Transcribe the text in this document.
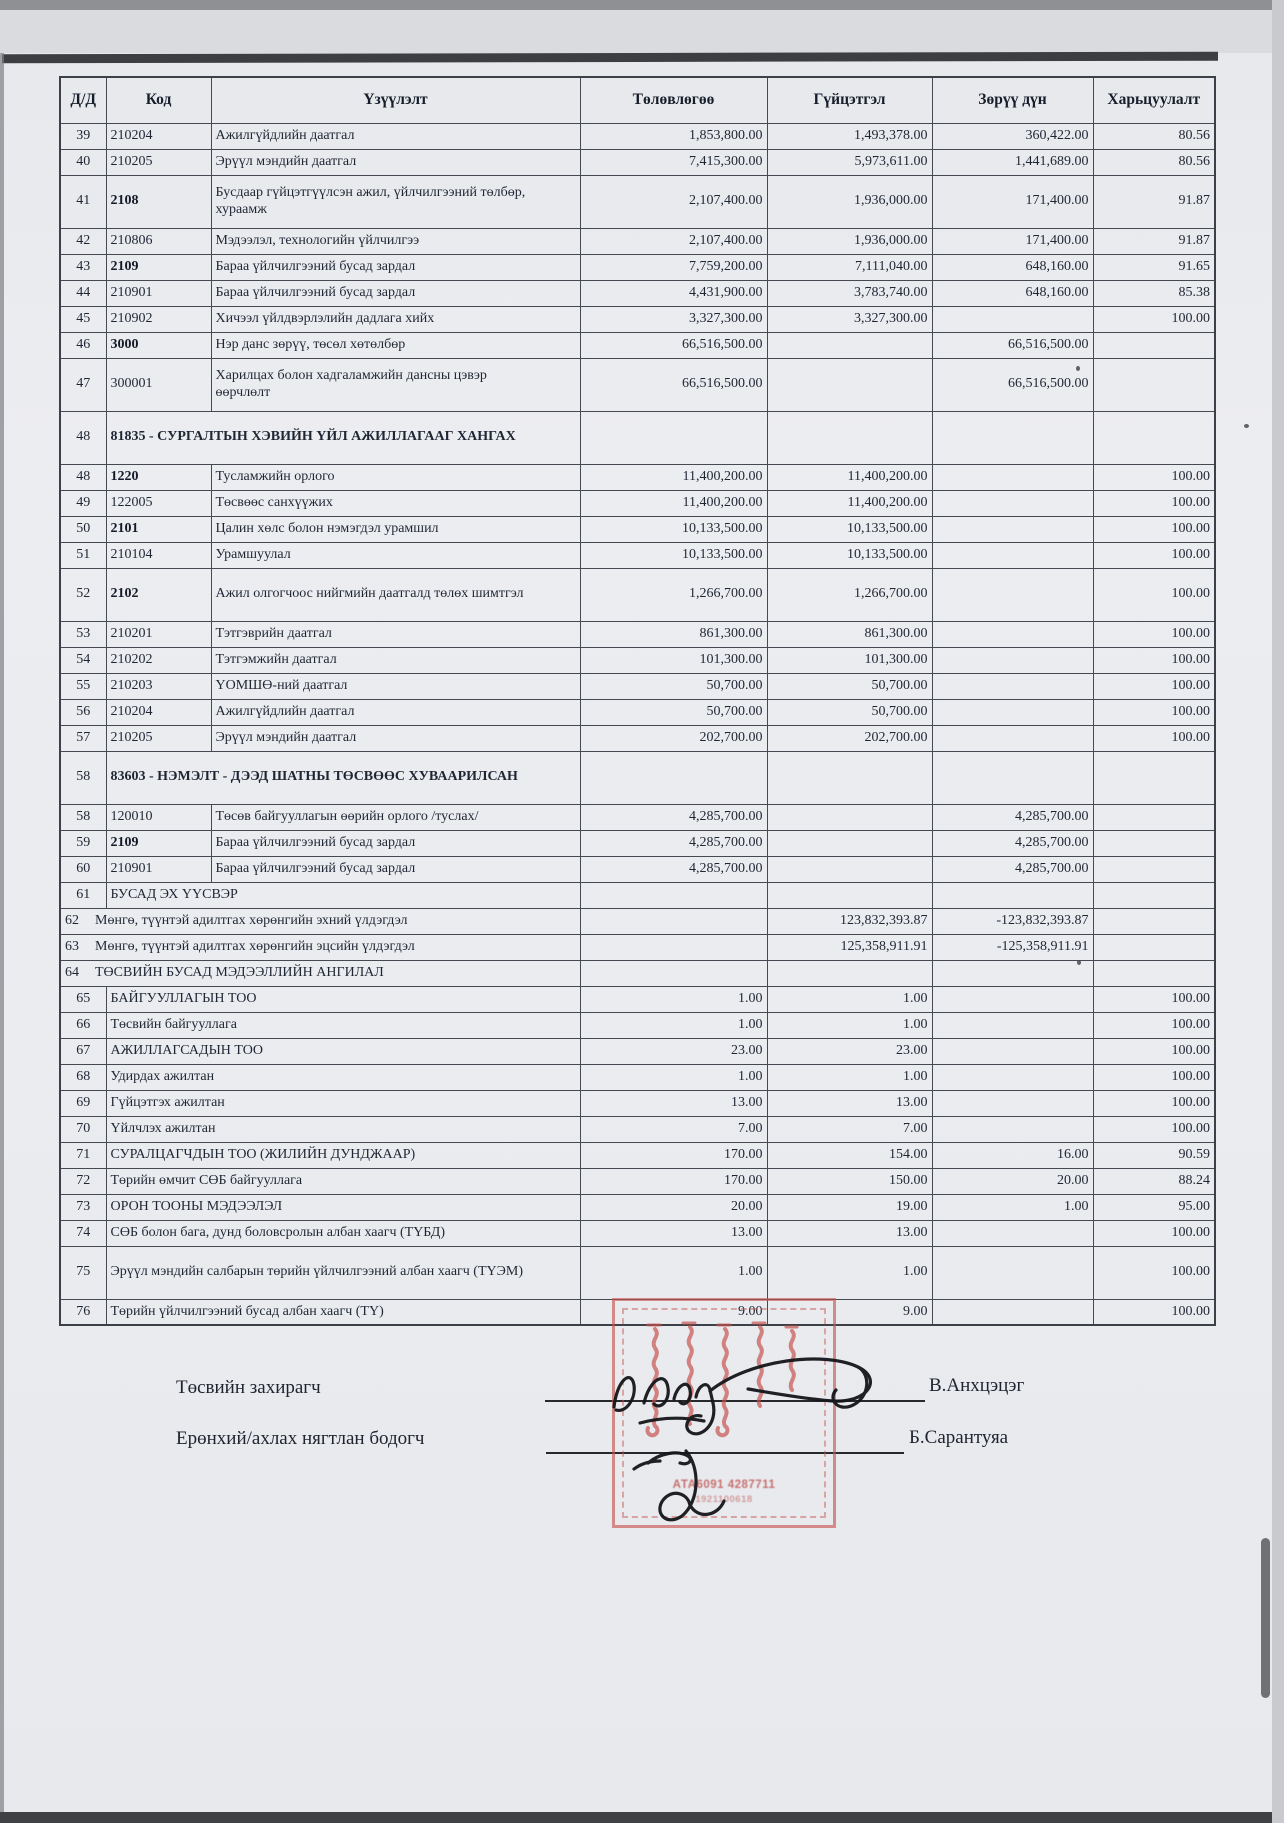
Д/Д	Код	Үзүүлэлт	Төлөвлөгөө	Гүйцэтгэл	Зөрүү дүн	Харьцуулалт
39	210204	Ажилгүйдлийн даатгал	1,853,800.00	1,493,378.00	360,422.00	80.56
40	210205	Эрүүл мэндийн даатгал	7,415,300.00	5,973,611.00	1,441,689.00	80.56
41	2108	Бусдаар гүйцэтгүүлсэн ажил, үйлчилгээний төлбөр, хураамж	2,107,400.00	1,936,000.00	171,400.00	91.87
42	210806	Мэдээлэл, технологийн үйлчилгээ	2,107,400.00	1,936,000.00	171,400.00	91.87
43	2109	Бараа үйлчилгээний бусад зардал	7,759,200.00	7,111,040.00	648,160.00	91.65
44	210901	Бараа үйлчилгээний бусад зардал	4,431,900.00	3,783,740.00	648,160.00	85.38
45	210902	Хичээл үйлдвэрлэлийн дадлага хийх	3,327,300.00	3,327,300.00		100.00
46	3000	Нэр данс зөрүү, төсөл хөтөлбөр	66,516,500.00		66,516,500.00	
47	300001	Харилцах болон хадгаламжийн дансны цэвэр өөрчлөлт	66,516,500.00		66,516,500.00	
48	81835 - СУРГАЛТЫН ХЭВИЙН ҮЙЛ АЖИЛЛАГААГ ХАНГАХ					
48	1220	Тусламжийн орлого	11,400,200.00	11,400,200.00		100.00
49	122005	Төсвөөс санхүүжих	11,400,200.00	11,400,200.00		100.00
50	2101	Цалин хөлс болон нэмэгдэл урамшил	10,133,500.00	10,133,500.00		100.00
51	210104	Урамшуулал	10,133,500.00	10,133,500.00		100.00
52	2102	Ажил олгогчоос нийгмийн даатгалд төлөх шимтгэл	1,266,700.00	1,266,700.00		100.00
53	210201	Тэтгэврийн даатгал	861,300.00	861,300.00		100.00
54	210202	Тэтгэмжийн даатгал	101,300.00	101,300.00		100.00
55	210203	ҮОМШӨ-ний даатгал	50,700.00	50,700.00		100.00
56	210204	Ажилгүйдлийн даатгал	50,700.00	50,700.00		100.00
57	210205	Эрүүл мэндийн даатгал	202,700.00	202,700.00		100.00
58	83603 - НЭМЭЛТ - ДЭЭД ШАТНЫ ТӨСВӨӨС ХУВААРИЛСАН					
58	120010	Төсөв байгууллагын өөрийн орлого /туслах/	4,285,700.00		4,285,700.00	
59	2109	Бараа үйлчилгээний бусад зардал	4,285,700.00		4,285,700.00	
60	210901	Бараа үйлчилгээний бусад зардал	4,285,700.00		4,285,700.00	
61	БУСАД ЭХ ҮҮСВЭР					
62 Мөнгө, түүнтэй адилтгах хөрөнгийн эхний үлдэгдэл				123,832,393.87	-123,832,393.87	
63 Мөнгө, түүнтэй адилтгах хөрөнгийн эцсийн үлдэгдэл				125,358,911.91	-125,358,911.91	
64 ТӨСВИЙН БУСАД МЭДЭЭЛЛИЙН АНГИЛАЛ						
65	БАЙГУУЛЛАГЫН ТОО		1.00	1.00		100.00
66	Төсвийн байгууллага		1.00	1.00		100.00
67	АЖИЛЛАГСАДЫН ТОО		23.00	23.00		100.00
68	Удирдах ажилтан		1.00	1.00		100.00
69	Гүйцэтгэх ажилтан		13.00	13.00		100.00
70	Үйлчлэх ажилтан		7.00	7.00		100.00
71	СУРАЛЦАГЧДЫН ТОО (ЖИЛИЙН ДУНДЖААР)		170.00	154.00	16.00	90.59
72	Төрийн өмчит СӨБ байгууллага		170.00	150.00	20.00	88.24
73	ОРОН ТООНЫ МЭДЭЭЛЭЛ		20.00	19.00	1.00	95.00
74	СӨБ болон бага, дунд боловсролын албан хаагч (ТҮБД)		13.00	13.00		100.00
75	Эрүүл мэндийн салбарын төрийн үйлчилгээний албан хаагч (ТҮЭМ)		1.00	1.00		100.00
76	Төрийн үйлчилгээний бусад албан хаагч (ТҮ)		9.00	9.00		100.00
Төсвийн захирагч	В.Анхцэцэг
Ерөнхий/ахлах нягтлан бодогч	Б.Сарантуяа
АТА6091 4287711
1921100618
